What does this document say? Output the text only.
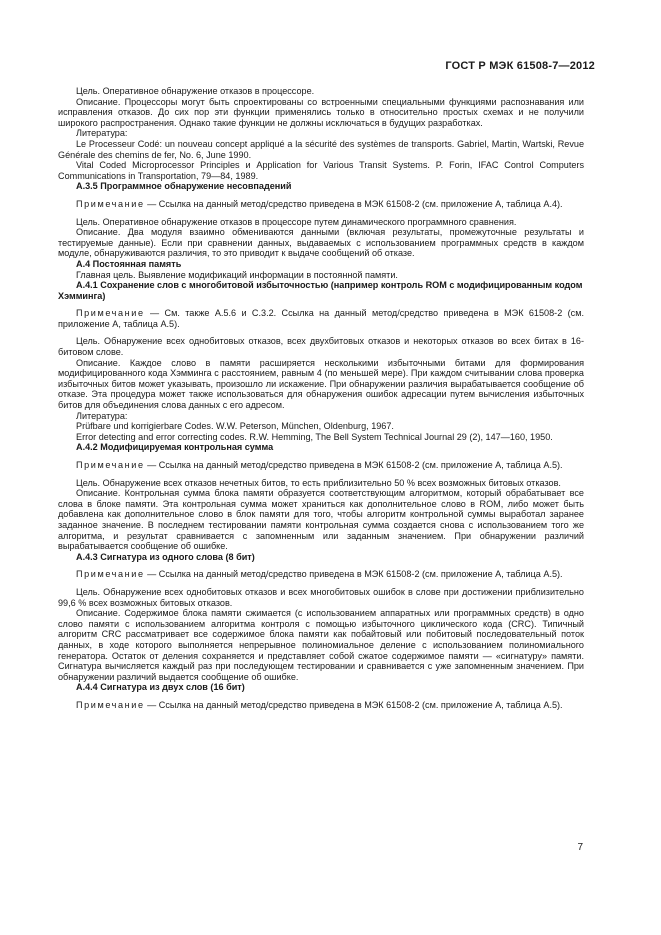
ГОСТ Р МЭК 61508-7—2012

Цель. Оперативное обнаружение отказов в процессоре.

Описание. Процессоры могут быть спроектированы со встроенными специальными функциями распознавания или исправления отказов. До сих пор эти функции применялись только в относительно простых схемах и не получили широкого распространения. Однако такие функции не должны исключаться в будущих разработках.

Литература:

Le Processeur Codé: un nouveau concept appliqué a la sécurité des systèmes de transports. Gabriel, Martin, Wartski, Revue Générale des chemins de fer, No. 6, June 1990.

Vital Coded Microprocessor Principles и Application for Various Transit Systems. P. Forin, IFAC Control Computers Communications in Transportation, 79—84, 1989.

А.3.5 Программное обнаружение несовпадений

Примечание — Ссылка на данный метод/средство приведена в МЭК 61508-2 (см. приложение А, таблица А.4).

Цель. Оперативное обнаружение отказов в процессоре путем динамического программного сравнения.

Описание. Два модуля взаимно обмениваются данными (включая результаты, промежуточные результаты и тестируемые данные). Если при сравнении данных, выдаваемых с использованием программных средств в каждом модуле, обнаруживаются различия, то это приводит к выдаче сообщений об отказе.

А.4 Постоянная память

Главная цель. Выявление модификаций информации в постоянной памяти.

А.4.1 Сохранение слов с многобитовой избыточностью (например контроль ROM с модифицированным кодом Хэмминга)

Примечание — См. также А.5.6 и С.3.2. Ссылка на данный метод/средство приведена в МЭК 61508-2 (см. приложение А, таблица А.5).

Цель. Обнаружение всех однобитовых отказов, всех двухбитовых отказов и некоторых отказов во всех битах в 16-битовом слове.

Описание. Каждое слово в памяти расширяется несколькими избыточными битами для формирования модифицированного кода Хэмминга с расстоянием, равным 4 (по меньшей мере). При каждом считывании слова проверка избыточных битов может указывать, произошло ли искажение. При обнаружении различия вырабатывается сообщение об отказе. Эта процедура может также использоваться для обнаружения ошибок адресации путем вычисления избыточных битов для объединения слова данных с его адресом.

Литература:

Prüfbare und korrigierbare Codes. W.W. Peterson, München, Oldenburg, 1967.

Error detecting and error correcting codes. R.W. Hemming, The Bell System Technical Journal 29 (2), 147—160, 1950.

А.4.2 Модифицируемая контрольная сумма

Примечание — Ссылка на данный метод/средство приведена в МЭК 61508-2 (см. приложение А, таблица А.5).

Цель. Обнаружение всех отказов нечетных битов, то есть приблизительно 50 % всех возможных битовых отказов.

Описание. Контрольная сумма блока памяти образуется соответствующим алгоритмом, который обрабатывает все слова в блоке памяти. Эта контрольная сумма может храниться как дополнительное слово в ROM, либо может быть добавлена как дополнительное слово в блок памяти для того, чтобы алгоритм контрольной суммы выработал заранее заданное значение. В последнем тестировании памяти контрольная сумма создается снова с использованием того же алгоритма, и результат сравнивается с запомненным или заданным значением. При обнаружении различий вырабатывается сообщение об ошибке.

А.4.3 Сигнатура из одного слова (8 бит)

Примечание — Ссылка на данный метод/средство приведена в МЭК 61508-2 (см. приложение А, таблица А.5).

Цель. Обнаружение всех однобитовых отказов и всех многобитовых ошибок в слове при достижении приблизительно 99,6 % всех возможных битовых отказов.

Описание. Содержимое блока памяти сжимается (с использованием аппаратных или программных средств) в одно слово памяти с использованием алгоритма контроля с помощью избыточного циклического кода (CRC). Типичный алгоритм CRC рассматривает все содержимое блока памяти как побайтовый или побитовый последовательный поток данных, в ходе которого выполняется непрерывное полиномиальное деление с использованием полиномиального генератора. Остаток от деления сохраняется и представляет собой сжатое содержимое памяти — «сигнатуру» памяти. Сигнатура вычисляется каждый раз при последующем тестировании и сравнивается с уже запомненным значением. При обнаружении различий выдается сообщение об ошибке.

А.4.4 Сигнатура из двух слов (16 бит)

Примечание — Ссылка на данный метод/средство приведена в МЭК 61508-2 (см. приложение А, таблица А.5).

7
